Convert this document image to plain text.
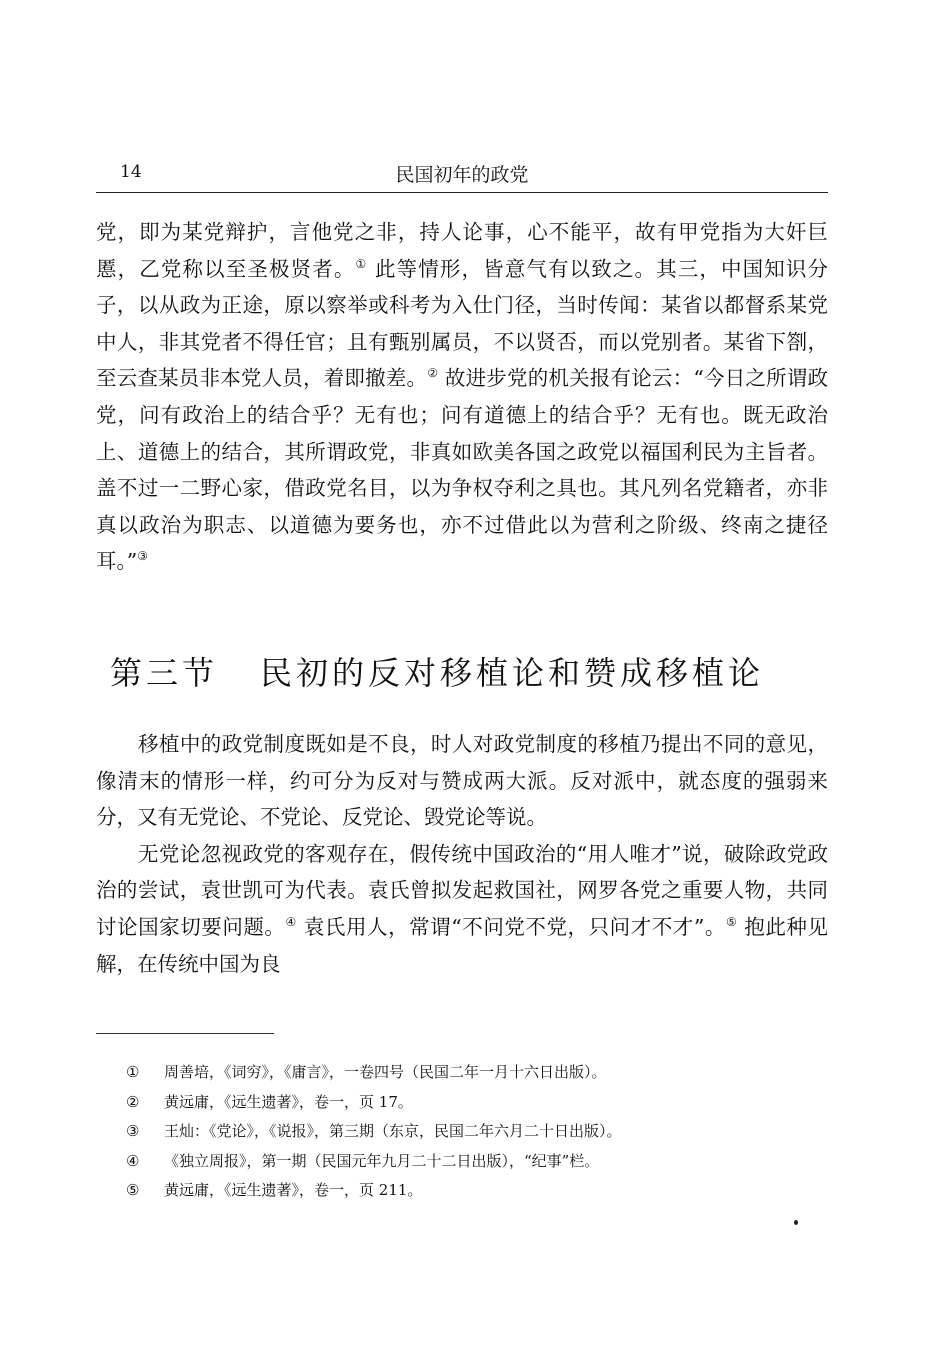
14	民国初年的政党

党，即为某党辩护，言他党之非，持人论事，心不能平，故有甲党指为大奸巨慝，乙党称以至圣极贤者。① 此等情形，皆意气有以致之。其三，中国知识分子，以从政为正途，原以察举或科考为入仕门径，当时传闻：某省以都督系某党中人，非其党者不得任官；且有甄别属员，不以贤否，而以党别者。某省下劄，至云查某员非本党人员，着即撤差。② 故进步党的机关报有论云：“今日之所谓政党，问有政治上的结合乎？无有也；问有道德上的结合乎？无有也。既无政治上、道德上的结合，其所谓政党，非真如欧美各国之政党以福国利民为主旨者。盖不过一二野心家，借政党名目，以为争权夺利之具也。其凡列名党籍者，亦非真以政治为职志、以道德为要务也，亦不过借此以为营利之阶级、终南之捷径耳。”③

第三节 民初的反对移植论和赞成移植论

移植中的政党制度既如是不良，时人对政党制度的移植乃提出不同的意见，像清末的情形一样，约可分为反对与赞成两大派。反对派中，就态度的强弱来分，又有无党论、不党论、反党论、毁党论等说。

无党论忽视政党的客观存在，假传统中国政治的“用人唯才”说，破除政党政治的尝试，袁世凯可为代表。袁氏曾拟发起救国社，网罗各党之重要人物，共同讨论国家切要问题。④ 袁氏用人，常谓“不问党不党，只问才不才”。⑤ 抱此种见解，在传统中国为良

① 周善培，《词穷》，《庸言》，一卷四号（民国二年一月十六日出版）。
② 黄远庸，《远生遗著》，卷一，页 17。
③ 王灿：《党论》，《说报》，第三期（东京，民国二年六月二十日出版）。
④ 《独立周报》，第一期（民国元年九月二十二日出版），“纪事”栏。
⑤ 黄远庸，《远生遗著》，卷一，页 211。
